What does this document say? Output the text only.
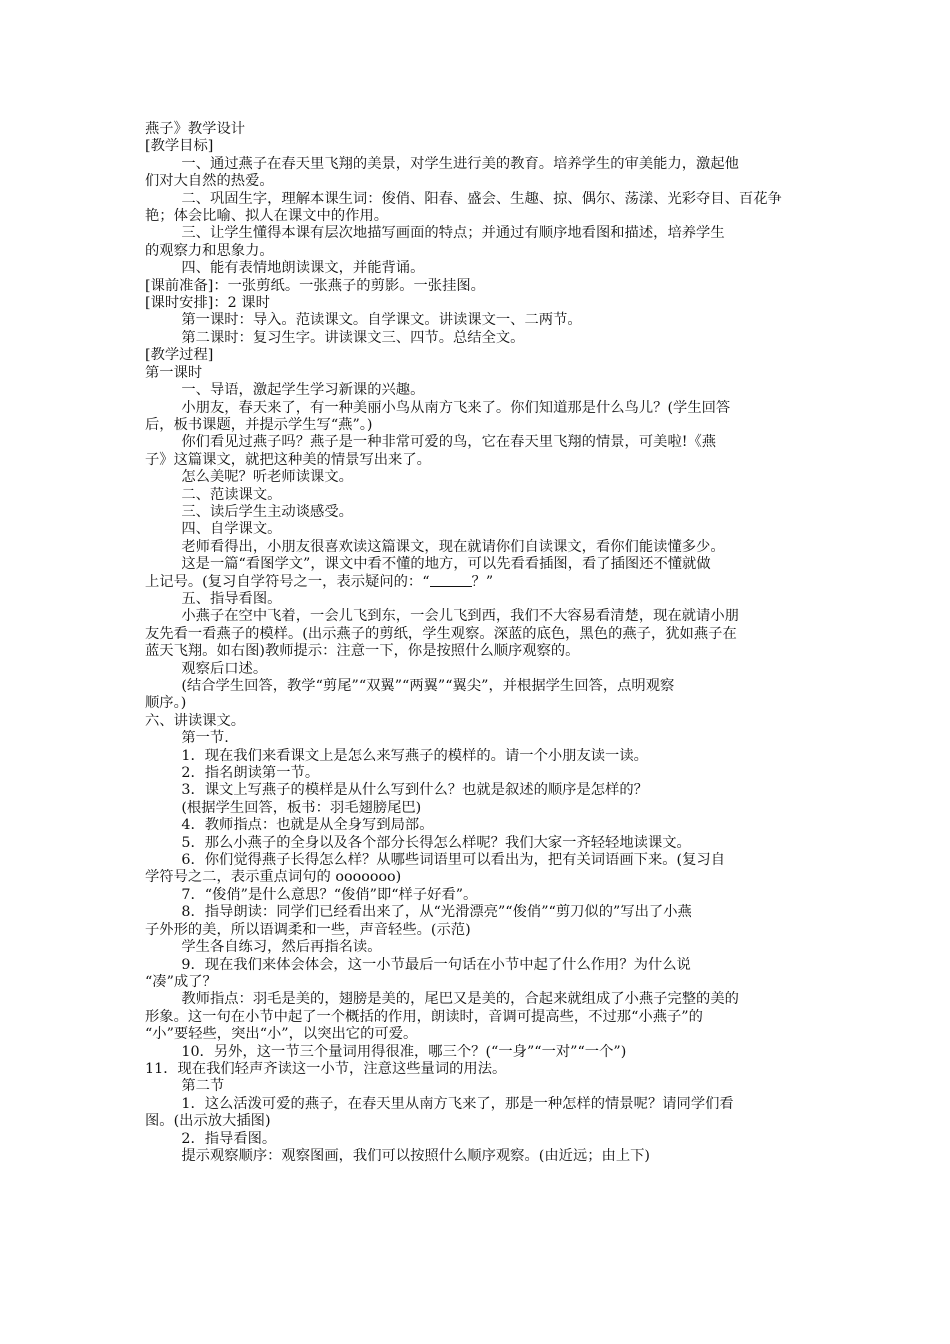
燕子》教学设计
[教学目标]
一、通过燕子在春天里飞翔的美景，对学生进行美的教育。培养学生的审美能力，激起他
们对大自然的热爱。
二、巩固生字，理解本课生词：俊俏、阳春、盛会、生趣、掠、偶尔、荡漾、光彩夺目、百花争
艳；体会比喻、拟人在课文中的作用。
三、让学生懂得本课有层次地描写画面的特点；并通过有顺序地看图和描述，培养学生
的观察力和思象力。
四、能有表情地朗读课文，并能背诵。
[课前准备]：一张剪纸。一张燕子的剪影。一张挂图。
[课时安排]：2 课时
第一课时：导入。范读课文。自学课文。讲读课文一、二两节。
第二课时：复习生字。讲读课文三、四节。总结全文。
[教学过程]
第一课时
一、导语，激起学生学习新课的兴趣。
小朋友，春天来了，有一种美丽小鸟从南方飞来了。你们知道那是什么鸟儿？(学生回答
后，板书课题，并提示学生写“燕”。)
你们看见过燕子吗？燕子是一种非常可爱的鸟，它在春天里飞翔的情景，可美啦!《燕
子》这篇课文，就把这种美的情景写出来了。
怎么美呢？听老师读课文。
二、范读课文。
三、读后学生主动谈感受。
四、自学课文。
老师看得出，小朋友很喜欢读这篇课文，现在就请你们自读课文，看你们能读懂多少。
这是一篇“看图学文”，课文中看不懂的地方，可以先看看插图，看了插图还不懂就做
上记号。(复习自学符号之一，表示疑问的：“	？”
五、指导看图。
小燕子在空中飞着，一会儿飞到东，一会儿飞到西，我们不大容易看清楚，现在就请小朋
友先看一看燕子的模样。(出示燕子的剪纸，学生观察。深蓝的底色，黑色的燕子，犹如燕子在
蓝天飞翔。如右图)教师提示：注意一下，你是按照什么顺序观察的。
观察后口述。
(结合学生回答，教学“剪尾”“双翼”“两翼”“翼尖”，并根据学生回答，点明观察
顺序。)
六、讲读课文。
第一节.
1．现在我们来看课文上是怎么来写燕子的模样的。请一个小朋友读一读。
2．指名朗读第一节。
3．课文上写燕子的模样是从什么写到什么？也就是叙述的顺序是怎样的？
(根据学生回答，板书：羽毛翅膀尾巴)
4．教师指点：也就是从全身写到局部。
5．那么小燕子的全身以及各个部分长得怎么样呢？我们大家一齐轻轻地读课文。
6．你们觉得燕子长得怎么样？从哪些词语里可以看出为，把有关词语画下来。(复习自
学符号之二，表示重点词句的 ooooooo)
7．“俊俏”是什么意思？“俊俏”即“样子好看”。
8．指导朗读：同学们已经看出来了，从“光滑漂亮”“俊俏”“剪刀似的”写出了小燕
子外形的美，所以语调柔和一些，声音轻些。(示范)
学生各自练习，然后再指名读。
9．现在我们来体会体会，这一小节最后一句话在小节中起了什么作用？为什么说
“凑”成了？
教师指点：羽毛是美的，翅膀是美的，尾巴又是美的，合起来就组成了小燕子完整的美的
形象。这一句在小节中起了一个概括的作用，朗读时，音调可提高些，不过那“小燕子”的
“小”要轻些，突出“小”，以突出它的可爱。
10．另外，这一节三个量词用得很准，哪三个？(“一身”“一对”“一个”)
11．现在我们轻声齐读这一小节，注意这些量词的用法。
第二节
1．这么活泼可爱的燕子，在春天里从南方飞来了，那是一种怎样的情景呢？请同学们看
图。(出示放大插图)
2．指导看图。
提示观察顺序：观察图画，我们可以按照什么顺序观察。(由近远；由上下)
